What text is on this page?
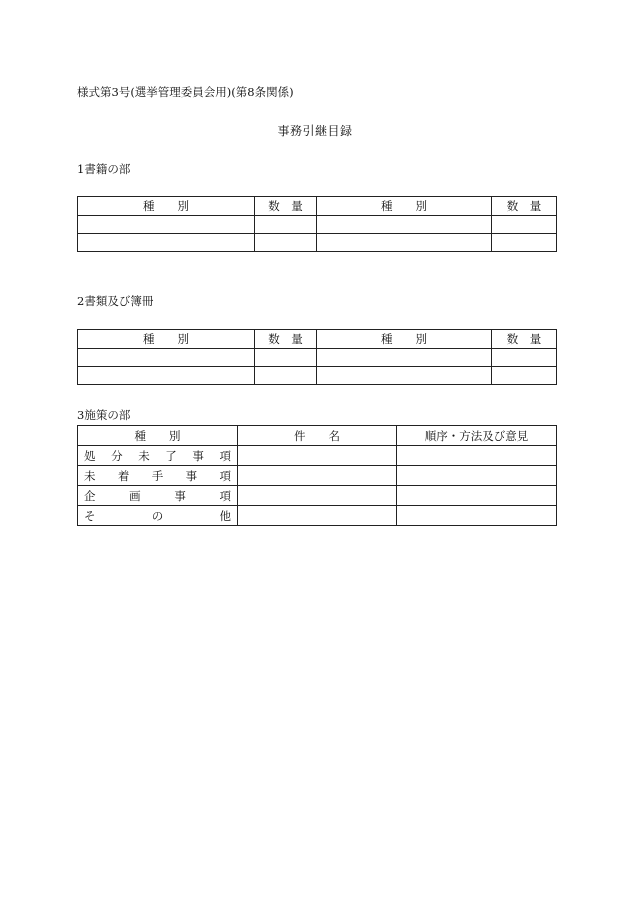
様式第3号(選挙管理委員会用)(第8条関係)
事務引継目録
1書籍の部
種　　別	数　量	種　　別	数　量

2書類及び簿冊
種　　別	数　量	種　　別	数　量

3施策の部
種　　別	件　　名	順序・方法及び意見
処分未了事項		
未着手事項		
企画事項		
その他		
